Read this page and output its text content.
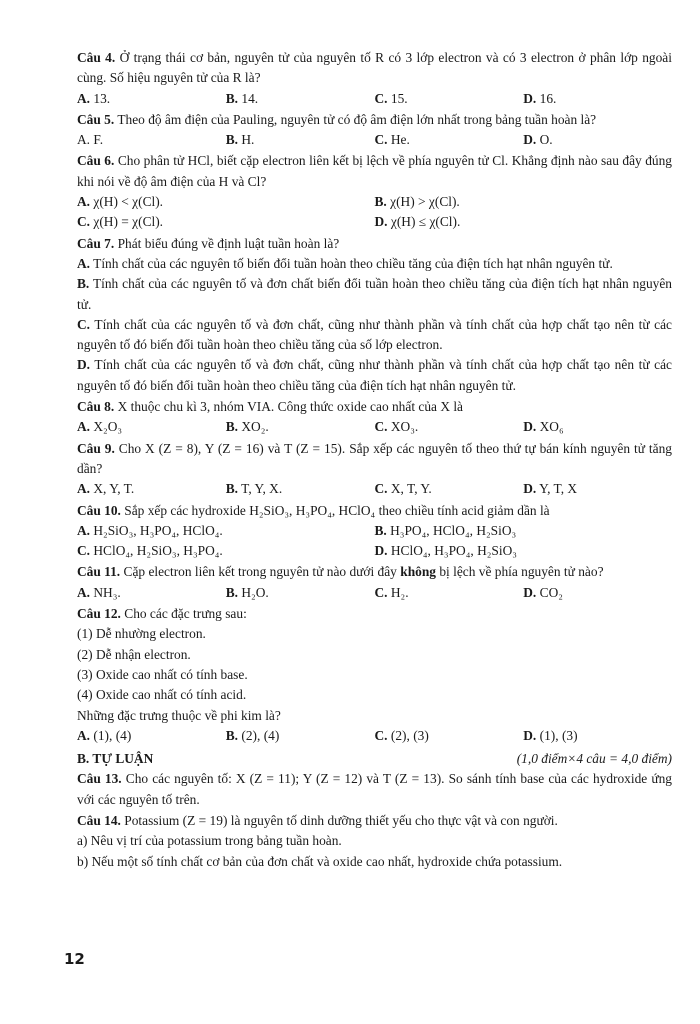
Câu 4. Ở trạng thái cơ bản, nguyên tử của nguyên tố R có 3 lớp electron và có 3 electron ở phân lớp ngoài cùng. Số hiệu nguyên tử của R là?
A. 13.	B. 14.	C. 15.	D. 16.
Câu 5. Theo độ âm điện của Pauling, nguyên tử có độ âm điện lớn nhất trong bảng tuần hoàn là?
A. F.	B. H.	C. He.	D. O.
Câu 6. Cho phân tử HCl, biết cặp electron liên kết bị lệch về phía nguyên tử Cl. Khẳng định nào sau đây đúng khi nói về độ âm điện của H và Cl?
A. χ(H) < χ(Cl).	B. χ(H) > χ(Cl).
C. χ(H) = χ(Cl).	D. χ(H) ≤ χ(Cl).
Câu 7. Phát biểu đúng về định luật tuần hoàn là?
A. Tính chất của các nguyên tố biến đổi tuần hoàn theo chiều tăng của điện tích hạt nhân nguyên tử.
B. Tính chất của các nguyên tố và đơn chất biến đổi tuần hoàn theo chiều tăng của điện tích hạt nhân nguyên tử.
C. Tính chất của các nguyên tố và đơn chất, cũng như thành phần và tính chất của hợp chất tạo nên từ các nguyên tố đó biến đổi tuần hoàn theo chiều tăng của số lớp electron.
D. Tính chất của các nguyên tố và đơn chất, cũng như thành phần và tính chất của hợp chất tạo nên từ các nguyên tố đó biến đổi tuần hoàn theo chiều tăng của điện tích hạt nhân nguyên tử.
Câu 8. X thuộc chu kì 3, nhóm VIA. Công thức oxide cao nhất của X là
A. X₂O₃	B. XO₂.	C. XO₃.	D. XO₆
Câu 9. Cho X (Z = 8), Y (Z = 16) và T (Z = 15). Sắp xếp các nguyên tố theo thứ tự bán kính nguyên tử tăng dần?
A. X, Y, T.	B. T, Y, X.	C. X, T, Y.	D. Y, T, X
Câu 10. Sắp xếp các hydroxide H₂SiO₃, H₃PO₄, HClO₄ theo chiều tính acid giảm dần là
A. H₂SiO₃, H₃PO₄, HClO₄.	B. H₃PO₄, HClO₄, H₂SiO₃
C. HClO₄, H₂SiO₃, H₃PO₄.	D. HClO₄, H₃PO₄, H₂SiO₃
Câu 11. Cặp electron liên kết trong nguyên tử nào dưới đây không bị lệch về phía nguyên tử nào?
A. NH₃.	B. H₂O.	C. H₂.	D. CO₂
Câu 12. Cho các đặc trưng sau:
(1) Dễ nhường electron.
(2) Dễ nhận electron.
(3) Oxide cao nhất có tính base.
(4) Oxide cao nhất có tính acid.
Những đặc trưng thuộc về phi kim là?
A. (1), (4)	B. (2), (4)	C. (2), (3)	D. (1), (3)
B. TỰ LUẬN	(1,0 điểm×4 câu = 4,0 điểm)
Câu 13. Cho các nguyên tố: X (Z = 11); Y (Z = 12) và T (Z = 13). So sánh tính base của các hydroxide ứng với các nguyên tố trên.
Câu 14. Potassium (Z = 19) là nguyên tố dinh dưỡng thiết yếu cho thực vật và con người.
a) Nêu vị trí của potassium trong bảng tuần hoàn.
b) Nếu một số tính chất cơ bản của đơn chất và oxide cao nhất, hydroxide chứa potassium.
12
